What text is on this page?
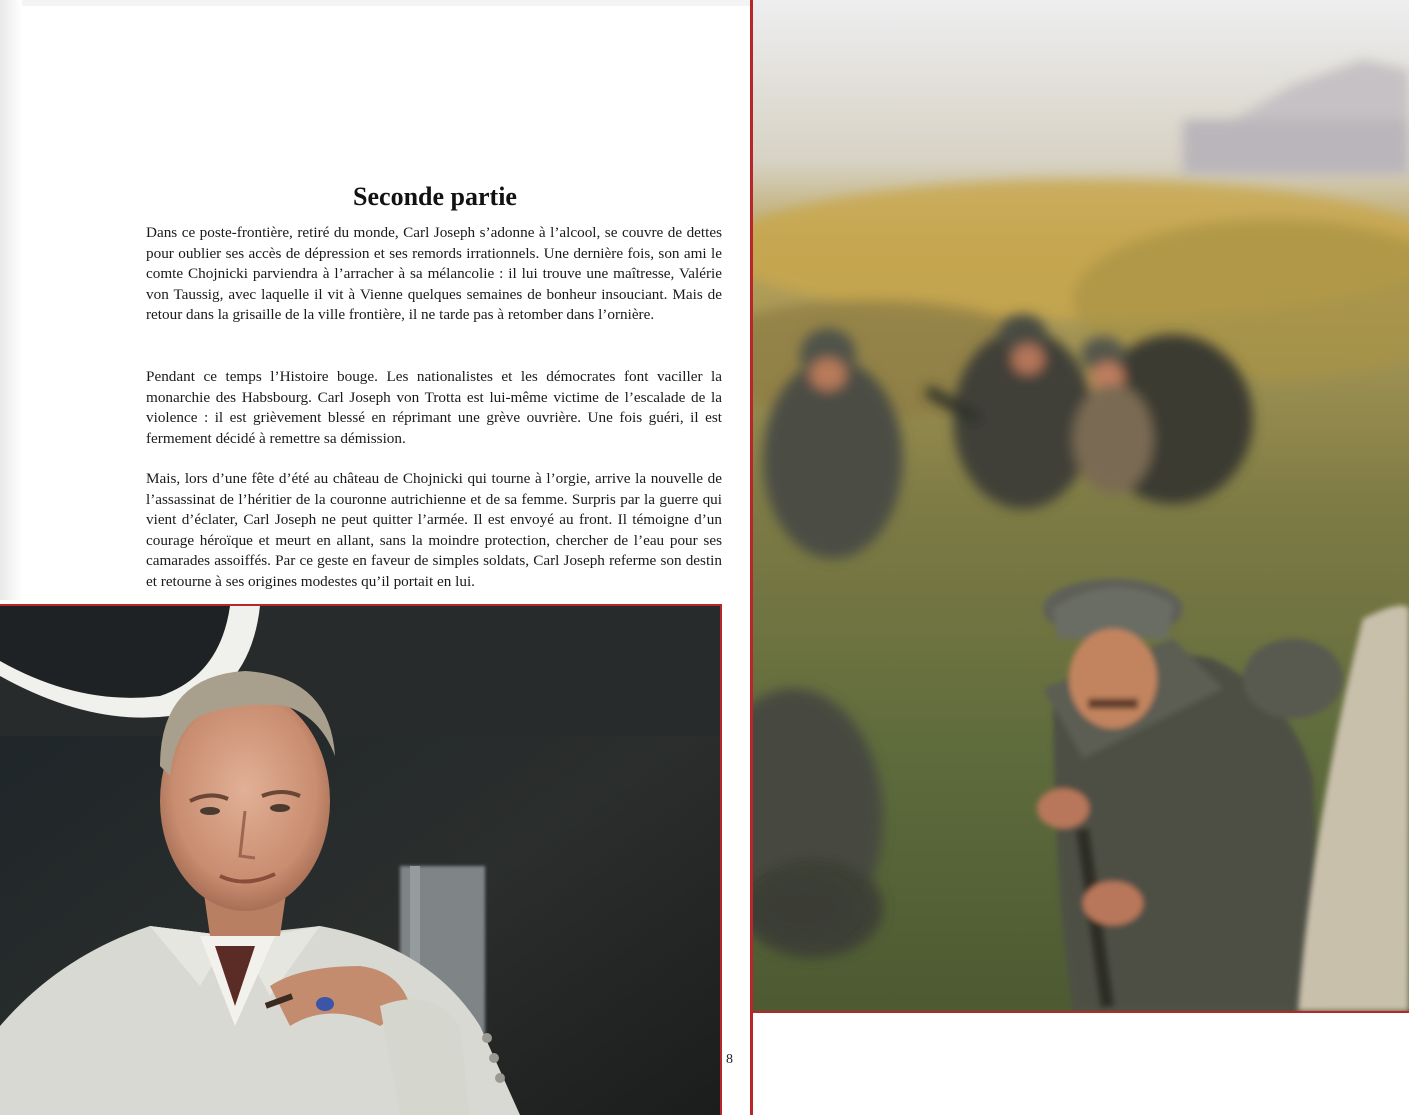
Seconde partie

Dans ce poste-frontière, retiré du monde, Carl Joseph s’adonne à l’alcool, se couvre de dettes pour oublier ses accès de dépression et ses remords irrationnels. Une dernière fois, son ami le comte Chojnicki parviendra à l’arracher à sa mélancolie : il lui trouve une maîtresse, Valérie von Taussig, avec laquelle il vit à Vienne quelques semaines de bonheur insouciant. Mais de retour dans la grisaille de la ville frontière, il ne tarde pas à retomber dans l’ornière.

Pendant ce temps l’Histoire bouge. Les nationalistes et les démocrates font vaciller la monarchie des Habsbourg. Carl Joseph von Trotta est lui-même victime de l’escalade de la violence : il est grièvement blessé en réprimant une grève ouvrière. Une fois guéri, il est fermement décidé à remettre sa démission.

Mais, lors d’une fête d’été au château de Chojnicki qui tourne à l’orgie, arrive la nouvelle de l’assassinat de l’héritier de la couronne autrichienne et de sa femme. Surpris par la guerre qui vient d’éclater, Carl Joseph ne peut quitter l’armée. Il est envoyé au front. Il témoigne d’un courage héroïque et meurt en allant, sans la moindre protection, chercher de l’eau pour ses camarades assoiffés. Par ce geste en faveur de simples soldats, Carl Joseph referme son destin et retourne à ses origines modestes qu’il portait en lui.

8
